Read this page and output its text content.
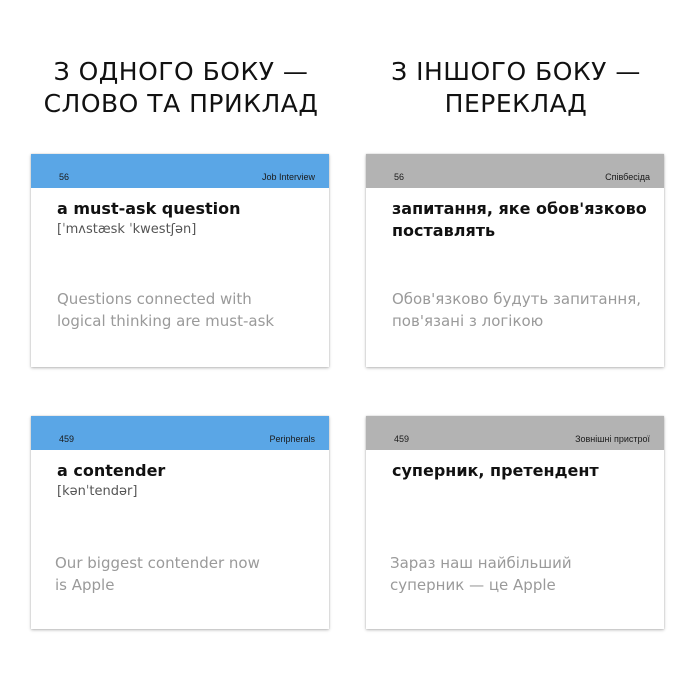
З ОДНОГО БОКУ —
СЛОВО ТА ПРИКЛАД
З ІНШОГО БОКУ —
ПЕРЕКЛАД
56	Job Interview
a must-ask question
[ˈmʌstæsk ˈkwestʃən]
Questions connected with
logical thinking are must-ask
56	Співбесіда
запитання, яке обов'язково поставлять
Обов'язково будуть запитання,
пов'язані з логікою
459	Peripherals
a contender
[kənˈtendər]
Our biggest contender now
is Apple
459	Зовнішні пристрої
суперник, претендент
Зараз наш найбільший
суперник — це Apple
